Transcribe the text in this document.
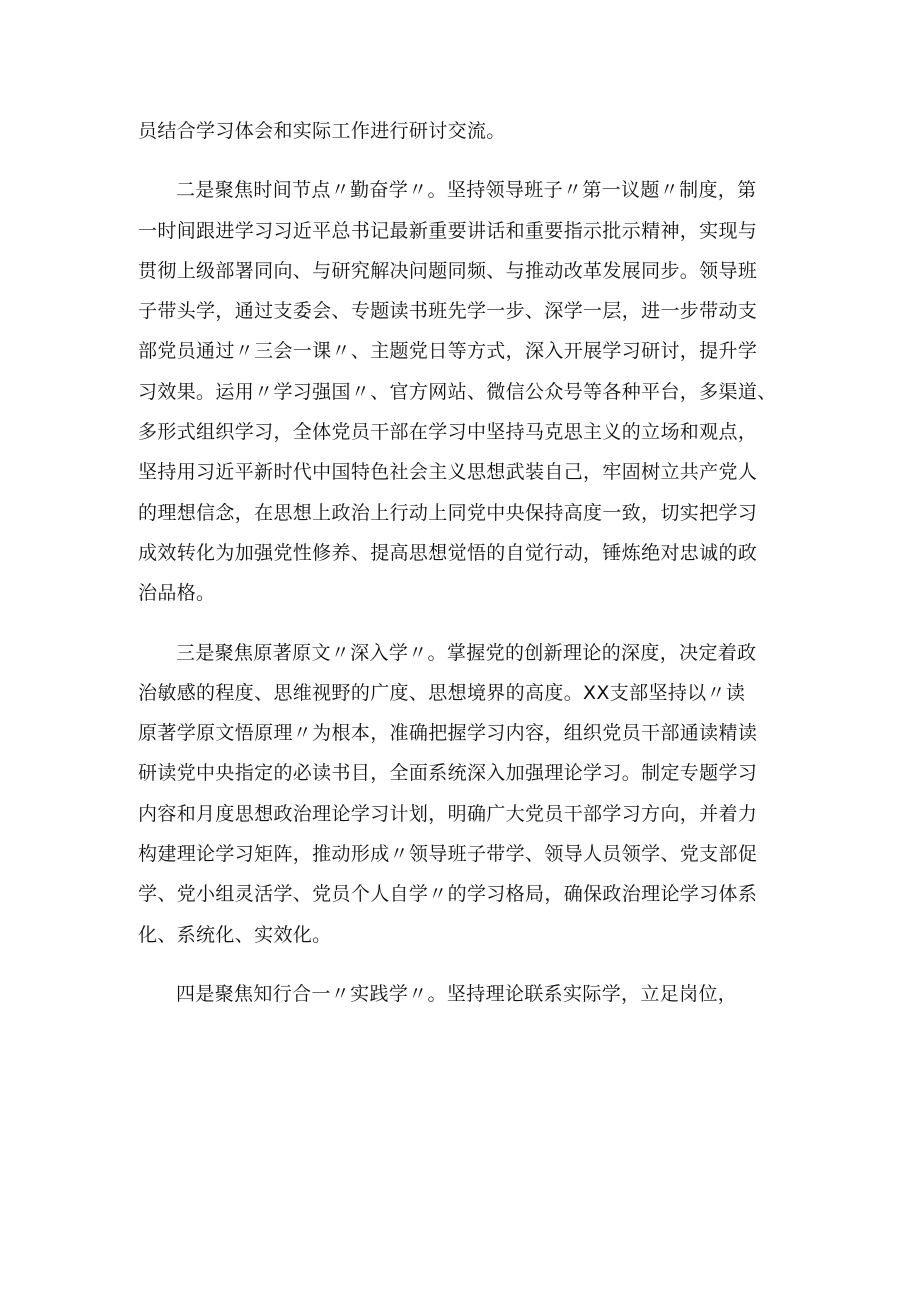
员结合学习体会和实际工作进行研讨交流。

二是聚焦时间节点〃勤奋学〃。坚持领导班子〃第一议题〃制度，第
一时间跟进学习习近平总书记最新重要讲话和重要指示批示精神，实现与
贯彻上级部署同向、与研究解决问题同频、与推动改革发展同步。领导班
子带头学，通过支委会、专题读书班先学一步、深学一层，进一步带动支
部党员通过〃三会一课〃、主题党日等方式，深入开展学习研讨，提升学
习效果。运用〃学习强国〃、官方网站、微信公众号等各种平台，多渠道、
多形式组织学习，全体党员干部在学习中坚持马克思主义的立场和观点，
坚持用习近平新时代中国特色社会主义思想武装自己，牢固树立共产党人
的理想信念，在思想上政治上行动上同党中央保持高度一致，切实把学习
成效转化为加强党性修养、提高思想觉悟的自觉行动，锤炼绝对忠诚的政
治品格。

三是聚焦原著原文〃深入学〃。掌握党的创新理论的深度，决定着政
治敏感的程度、思维视野的广度、思想境界的高度。XX支部坚持以〃读
原著学原文悟原理〃为根本，准确把握学习内容，组织党员干部通读精读
研读党中央指定的必读书目，全面系统深入加强理论学习。制定专题学习
内容和月度思想政治理论学习计划，明确广大党员干部学习方向，并着力
构建理论学习矩阵，推动形成〃领导班子带学、领导人员领学、党支部促
学、党小组灵活学、党员个人自学〃的学习格局，确保政治理论学习体系
化、系统化、实效化。

四是聚焦知行合一〃实践学〃。坚持理论联系实际学，立足岗位，
